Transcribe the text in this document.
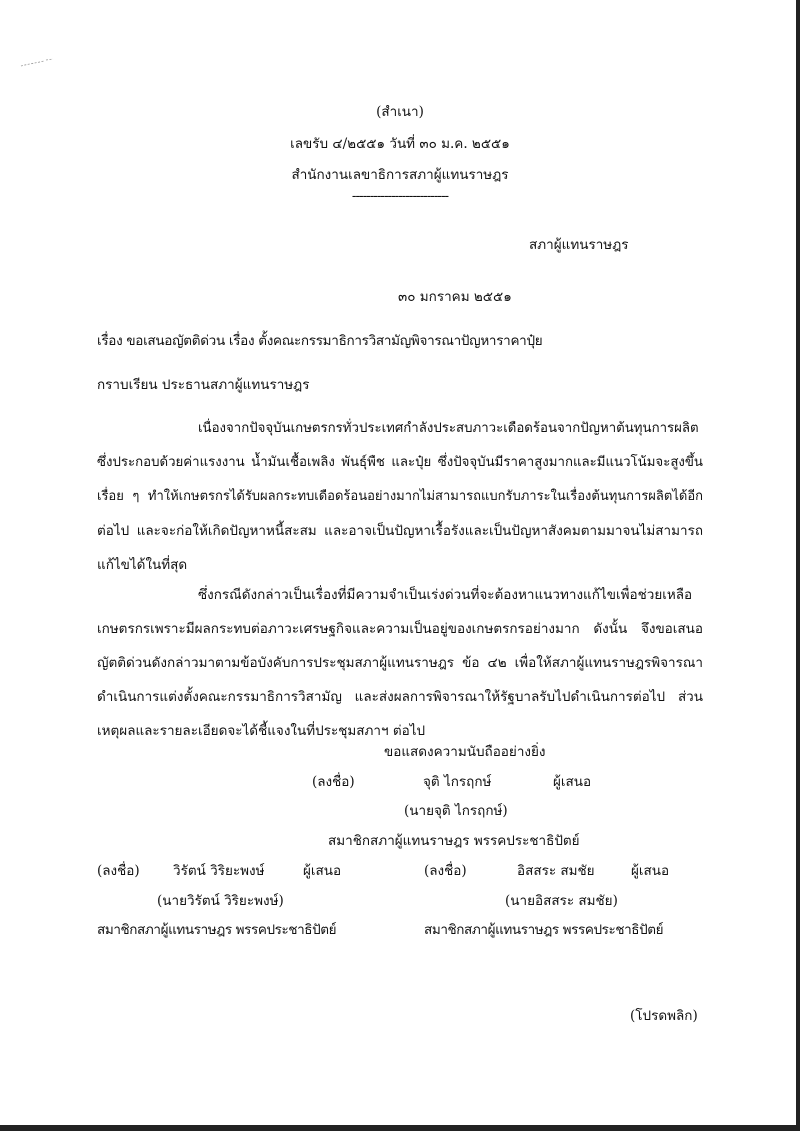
(สำเนา)
เลขรับ ๔/๒๕๕๑ วันที่ ๓๐ ม.ค. ๒๕๕๑
สำนักงานเลขาธิการสภาผู้แทนราษฎร
---------------------------
สภาผู้แทนราษฎร
๓๐ มกราคม ๒๕๕๑
เรื่อง ขอเสนอญัตติด่วน เรื่อง ตั้งคณะกรรมาธิการวิสามัญพิจารณาปัญหาราคาปุ๋ย
กราบเรียน ประธานสภาผู้แทนราษฎร
เนื่องจากปัจจุบันเกษตรกรทั่วประเทศกำลังประสบภาวะเดือดร้อนจากปัญหาต้นทุนการผลิต
ซึ่งประกอบด้วยค่าแรงงาน น้ำมันเชื้อเพลิง พันธุ์พืช และปุ๋ย ซึ่งปัจจุบันมีราคาสูงมากและมีแนวโน้มจะสูงขึ้น
เรื่อย ๆ ทำให้เกษตรกรได้รับผลกระทบเดือดร้อนอย่างมากไม่สามารถแบกรับภาระในเรื่องต้นทุนการผลิตได้อีก
ต่อไป และจะก่อให้เกิดปัญหาหนี้สะสม และอาจเป็นปัญหาเรื้อรังและเป็นปัญหาสังคมตามมาจนไม่สามารถ
แก้ไขได้ในที่สุด
ซึ่งกรณีดังกล่าวเป็นเรื่องที่มีความจำเป็นเร่งด่วนที่จะต้องหาแนวทางแก้ไขเพื่อช่วยเหลือ
เกษตรกรเพราะมีผลกระทบต่อภาวะเศรษฐกิจและความเป็นอยู่ของเกษตรกรอย่างมาก ดังนั้น จึงขอเสนอ
ญัตติด่วนดังกล่าวมาตามข้อบังคับการประชุมสภาผู้แทนราษฎร ข้อ ๔๒ เพื่อให้สภาผู้แทนราษฎรพิจารณา
ดำเนินการแต่งตั้งคณะกรรมาธิการวิสามัญ และส่งผลการพิจารณาให้รัฐบาลรับไปดำเนินการต่อไป ส่วน
เหตุผลและรายละเอียดจะได้ชี้แจงในที่ประชุมสภาฯ ต่อไป
ขอแสดงความนับถืออย่างยิ่ง
(ลงชื่อ)	จุติ ไกรฤกษ์	ผู้เสนอ
(นายจุติ ไกรฤกษ์)
สมาชิกสภาผู้แทนราษฎร พรรคประชาธิปัตย์
(ลงชื่อ) วิรัตน์ วิริยะพงษ์	ผู้เสนอ
(นายวิรัตน์ วิริยะพงษ์)
สมาชิกสภาผู้แทนราษฎร พรรคประชาธิปัตย์
(ลงชื่อ)	อิสสระ สมชัย	ผู้เสนอ
(นายอิสสระ สมชัย)
สมาชิกสภาผู้แทนราษฎร พรรคประชาธิปัตย์
(โปรดพลิก)
